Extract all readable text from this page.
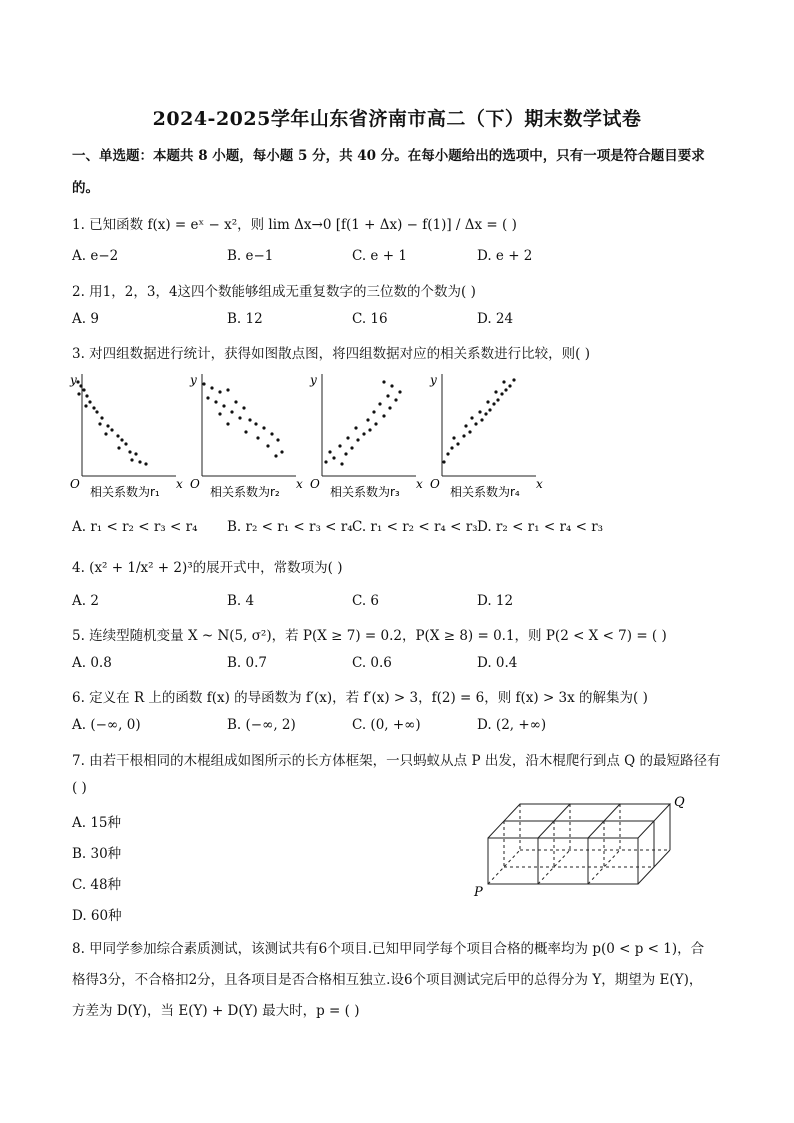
2024-2025学年山东省济南市高二（下）期末数学试卷
一、单选题：本题共 8 小题，每小题 5 分，共 40 分。在每小题给出的选项中，只有一项是符合题目要求
的。
1. 已知函数 f(x) = eˣ − x²，则 lim Δx→0 [f(1 + Δx) − f(1)] / Δx = ( )
A. e−2	B. e−1	C. e + 1	D. e + 2
2. 用1，2，3，4这四个数能够组成无重复数字的三位数的个数为( )
A. 9	B. 12	C. 16	D. 24
3. 对四组数据进行统计，获得如图散点图，将四组数据对应的相关系数进行比较，则( )
y
x
O
相关系数为r₁
y
x
O
相关系数为r₂
y
x
O
相关系数为r₃
y
x
O
相关系数为r₄
A. r₁ < r₂ < r₃ < r₄ B. r₂ < r₁ < r₃ < r₄ C. r₁ < r₂ < r₄ < r₃ D. r₂ < r₁ < r₄ < r₃
4. (x² + 1/x² + 2)³的展开式中，常数项为( )
A. 2	B. 4	C. 6	D. 12
5. 连续型随机变量 X ~ N(5, σ²)，若 P(X ≥ 7) = 0.2，P(X ≥ 8) = 0.1，则 P(2 < X < 7) = ( )
A. 0.8	B. 0.7	C. 0.6	D. 0.4
6. 定义在 R 上的函数 f(x) 的导函数为 f′(x)，若 f′(x) > 3，f(2) = 6，则 f(x) > 3x 的解集为( )
A. (−∞, 0)	B. (−∞, 2)	C. (0, +∞)	D. (2, +∞)
7. 由若干根相同的木棍组成如图所示的长方体框架，一只蚂蚁从点 P 出发，沿木棍爬行到点 Q 的最短路径有
( )
A. 15种
B. 30种
C. 48种
D. 60种
P
Q
8. 甲同学参加综合素质测试，该测试共有6个项目.已知甲同学每个项目合格的概率均为 p(0 < p < 1)，合
格得3分，不合格扣2分，且各项目是否合格相互独立.设6个项目测试完后甲的总得分为 Y，期望为 E(Y)，
方差为 D(Y)，当 E(Y) + D(Y) 最大时，p = ( )
